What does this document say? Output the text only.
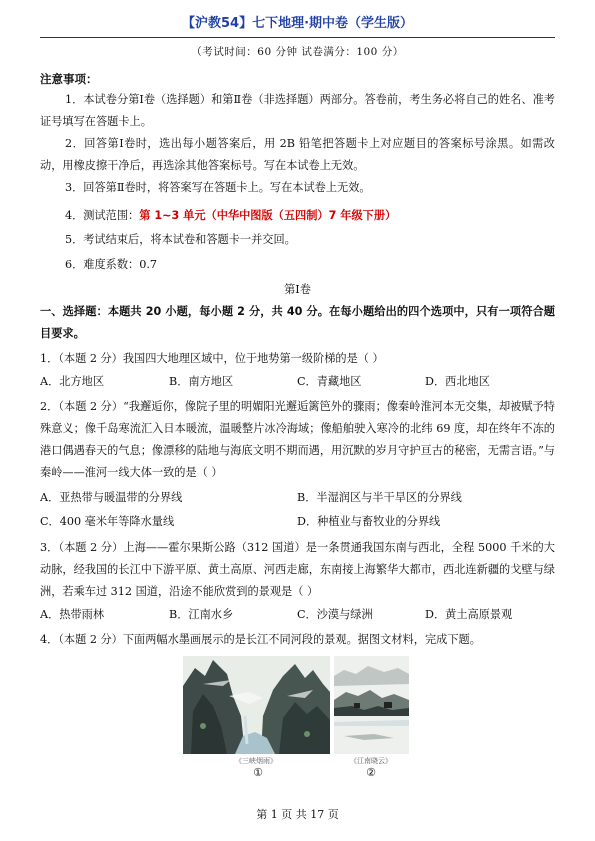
【沪教54】七下地理·期中卷（学生版）
（考试时间：60 分钟 试卷满分：100 分）
注意事项：
1．本试卷分第Ⅰ卷（选择题）和第Ⅱ卷（非选择题）两部分。答卷前，考生务必将自己的姓名、准考证号填写在答题卡上。
2．回答第Ⅰ卷时，选出每小题答案后，用 2B 铅笔把答题卡上对应题目的答案标号涂黑。如需改动，用橡皮擦干净后，再选涂其他答案标号。写在本试卷上无效。
3．回答第Ⅱ卷时，将答案写在答题卡上。写在本试卷上无效。
4．测试范围：第 1~3 单元（中华中图版（五四制）7 年级下册）
5．考试结束后，将本试卷和答题卡一并交回。
6．难度系数：0.7
第Ⅰ卷
一、选择题：本题共 20 小题，每小题 2 分，共 40 分。在每小题给出的四个选项中，只有一项符合题目要求。
1．（本题 2 分）我国四大地理区域中，位于地势第一级阶梯的是（ ）
A．北方地区	B．南方地区	C．青藏地区	D．西北地区
2．（本题 2 分）“我邂逅你，像院子里的明媚阳光邂逅篱笆外的骤雨；像秦岭淮河本无交集，却被赋予特殊意义；像千岛寒流汇入日本暖流，温暖整片冰冷海域；像船舶驶入寒冷的北纬 69 度，却在终年不冻的港口偶遇春天的气息；像漂移的陆地与海底文明不期而遇，用沉默的岁月守护亘古的秘密，无需言语。”与秦岭——淮河一线大体一致的是（ ）
A．亚热带与暖温带的分界线	B．半湿润区与半干旱区的分界线
C．400 毫米年等降水量线	D．种植业与畜牧业的分界线
3．（本题 2 分）上海——霍尔果斯公路（312 国道）是一条贯通我国东南与西北，全程 5000 千米的大动脉，经我国的长江中下游平原、黄土高原、河西走廊，东南接上海繁华大都市，西北连新疆的戈壁与绿洲，若乘车过 312 国道，沿途不能欣赏到的景观是（ ）
A．热带雨林	B．江南水乡	C．沙漠与绿洲	D．黄土高原景观
4．（本题 2 分）下面两幅水墨画展示的是长江不同河段的景观。据图文材料，完成下题。
《三峡烟雨》
①
《江南晓云》
②
第 1 页 共 17 页
